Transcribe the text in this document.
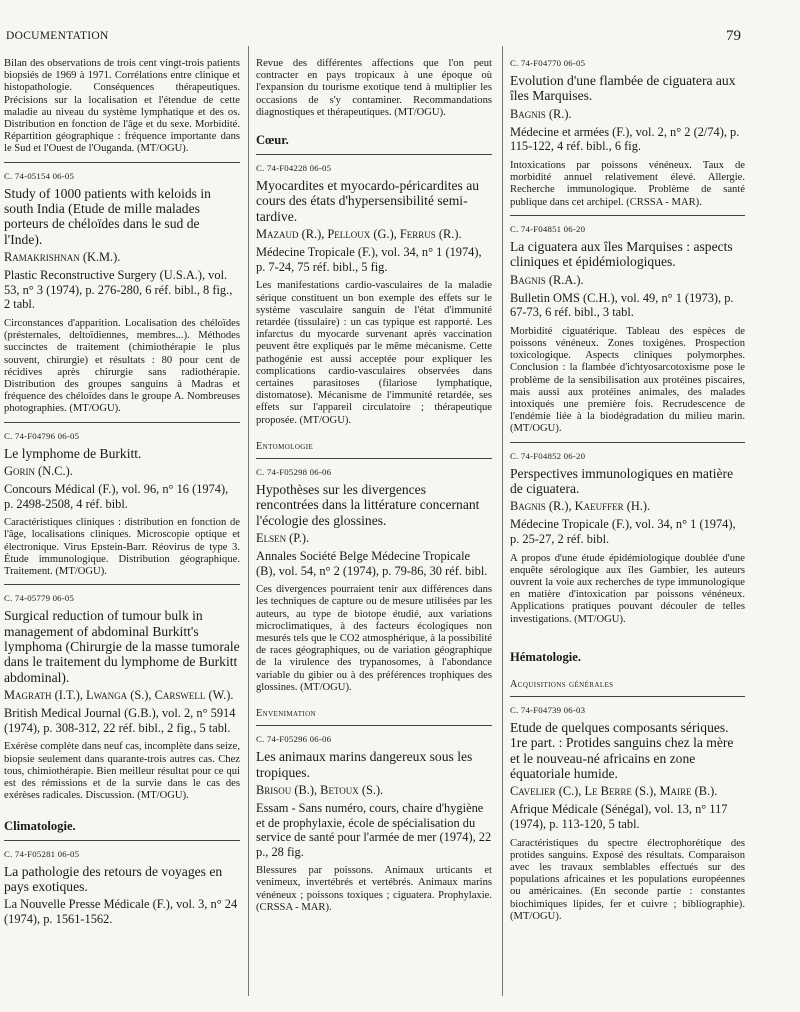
DOCUMENTATION	79

Bilan des observations de trois cent vingt-trois patients biopsiés de 1969 à 1971. Corrélations entre clinique et histopathologie. Conséquences thérapeutiques. Précisions sur la localisation et l'étendue de cette maladie au niveau du système lymphatique et des os. Distribution en fonction de l'âge et du sexe. Morbidité. Répartition géographique : fréquence importante dans le Sud et l'Ouest de l'Ouganda. (MT/OGU).

C. 74-05154 06-05

Study of 1000 patients with keloids in south India (Etude de mille malades porteurs de chéloïdes dans le sud de l'Inde).

Ramakrishnan (K.M.).

Plastic Reconstructive Surgery (U.S.A.), vol. 53, n° 3 (1974), p. 276-280, 6 réf. bibl., 8 fig., 2 tabl.

Circonstances d'apparition. Localisation des chéloïdes (présternales, deltoïdiennes, membres...). Méthodes succinctes de traitement (chimiothérapie le plus souvent, chirurgie) et résultats : 80 pour cent de récidives après chirurgie sans radiothérapie. Distribution des groupes sanguins à Madras et fréquence des chéloïdes dans le groupe A. Nombreuses photographies. (MT/OGU).

C. 74-F04796 06-05

Le lymphome de Burkitt.

Gorin (N.C.).

Concours Médical (F.), vol. 96, n° 16 (1974), p. 2498-2508, 4 réf. bibl.

Caractéristiques cliniques : distribution en fonction de l'âge, localisations cliniques. Microscopie optique et électronique. Virus Epstein-Barr. Réovirus de type 3. Étude immunologique. Distribution géographique. Traitement. (MT/OGU).

C. 74-05779 06-05

Surgical reduction of tumour bulk in management of abdominal Burkitt's lymphoma (Chirurgie de la masse tumorale dans le traitement du lymphome de Burkitt abdominal).

Magrath (I.T.), Lwanga (S.), Carswell (W.).

British Medical Journal (G.B.), vol. 2, n° 5914 (1974), p. 308-312, 22 réf. bibl., 2 fig., 5 tabl.

Exérèse complète dans neuf cas, incomplète dans seize, biopsie seulement dans quarante-trois autres cas. Chez tous, chimiothérapie. Bien meilleur résultat pour ce qui est des rémissions et de la survie dans le cas des exérèses radicales. Discussion. (MT/OGU).

Climatologie.
C. 74-F05281 06-05

La pathologie des retours de voyages en pays exotiques.

La Nouvelle Presse Médicale (F.), vol. 3, n° 24 (1974), p. 1561-1562.

Revue des différentes affections que l'on peut contracter en pays tropicaux à une époque où l'expansion du tourisme exotique tend à multiplier les occasions de s'y contaminer. Recommandations diagnostiques et thérapeutiques. (MT/OGU).

Cœur.
C. 74-F04228 06-05

Myocardites et myocardo-péricardites au cours des états d'hypersensibilité semi-tardive.

Mazaud (R.), Pelloux (G.), Ferrus (R.).

Médecine Tropicale (F.), vol. 34, n° 1 (1974), p. 7-24, 75 réf. bibl., 5 fig.

Les manifestations cardio-vasculaires de la maladie sérique constituent un bon exemple des effets sur le système vasculaire sanguin de l'état d'immunité retardée (tissulaire) : un cas typique est rapporté. Les infarctus du myocarde survenant après vaccination peuvent être expliqués par le même mécanisme. Cette pathogénie est aussi acceptée pour expliquer les complications cardio-vasculaires observées dans certaines parasitoses (filariose lymphatique, distomatose). Mécanisme de l'immunité retardée, ses effets sur l'appareil circulatoire ; thérapeutique proposée. (MT/OGU).

Entomologie
C. 74-F05298 06-06

Hypothèses sur les divergences rencontrées dans la littérature concernant l'écologie des glossines.

Elsen (P.).

Annales Société Belge Médecine Tropicale (B), vol. 54, n° 2 (1974), p. 79-86, 30 réf. bibl.

Ces divergences pourraient tenir aux différences dans les techniques de capture ou de mesure utilisées par les auteurs, au type de biotope étudié, aux variations microclimatiques, à des facteurs écologiques non mesurés tels que le CO2 atmosphérique, à la possibilité de races géographiques, ou de variation géographique de la virulence des trypanosomes, à l'abondance variable du gibier ou à des préférences trophiques des glossines. (MT/OGU).

Envenimation
C. 74-F05296 06-06

Les animaux marins dangereux sous les tropiques.

Brisou (B.), Betoux (S.).

Essam - Sans numéro, cours, chaire d'hygiène et de prophylaxie, école de spécialisation du service de santé pour l'armée de mer (1974), 22 p., 28 fig.

Blessures par poissons. Animaux urticants et venimeux, invertébrés et vertébrés. Animaux marins vénéneux ; poissons toxiques ; ciguatera. Prophylaxie. (CRSSA - MAR).

C. 74-F04770 06-05

Evolution d'une flambée de ciguatera aux îles Marquises.

Bagnis (R.).

Médecine et armées (F.), vol. 2, n° 2 (2/74), p. 115-122, 4 réf. bibl., 6 fig.

Intoxications par poissons vénéneux. Taux de morbidité annuel relativement élevé. Allergie. Recherche immunologique. Problème de santé publique dans cet archipel. (CRSSA - MAR).

C. 74-F04851 06-20

La ciguatera aux îles Marquises : aspects cliniques et épidémiologiques.

Bagnis (R.A.).

Bulletin OMS (C.H.), vol. 49, n° 1 (1973), p. 67-73, 6 réf. bibl., 3 tabl.

Morbidité ciguatérique. Tableau des espèces de poissons vénéneux. Zones toxigènes. Prospection toxicologique. Aspects cliniques polymorphes. Conclusion : la flambée d'ichtyosarcotoxisme pose le problème de la sensibilisation aux protéines piscaires, mais aussi aux protéines animales, des malades intoxiqués une première fois. Recrudescence de l'endémie liée à la biodégradation du milieu marin. (MT/OGU).

C. 74-F04852 06-20

Perspectives immunologiques en matière de ciguatera.

Bagnis (R.), Kaeuffer (H.).

Médecine Tropicale (F.), vol. 34, n° 1 (1974), p. 25-27, 2 réf. bibl.

A propos d'une étude épidémiologique doublée d'une enquête sérologique aux îles Gambier, les auteurs ouvrent la voie aux recherches de type immunologique en matière d'intoxication par poissons vénéneux. Applications pratiques pouvant découler de telles investigations. (MT/OGU).

Hématologie.
Acquisitions générales
C. 74-F04739 06-03

Etude de quelques composants sériques. 1re part. : Protides sanguins chez la mère et le nouveau-né africains en zone équatoriale humide.

Cavelier (C.), Le Berre (S.), Maire (B.).

Afrique Médicale (Sénégal), vol. 13, n° 117 (1974), p. 113-120, 5 tabl.

Caractéristiques du spectre électrophorétique des protides sanguins. Exposé des résultats. Comparaison avec les travaux semblables effectués sur des populations africaines et les populations européennes ou américaines. (En seconde partie : constantes biochimiques lipides, fer et cuivre ; bibliographie). (MT/OGU).
